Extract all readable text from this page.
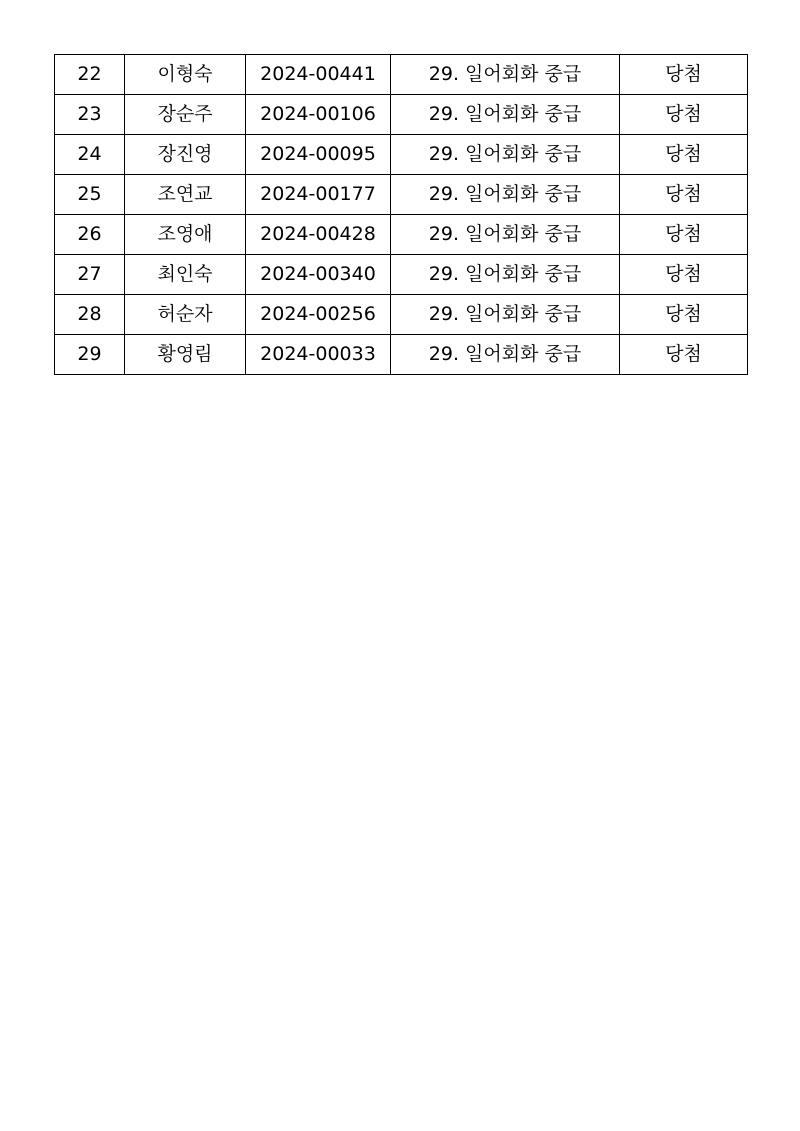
22	이형숙	2024-00441	29. 일어회화 중급	당첨
23	장순주	2024-00106	29. 일어회화 중급	당첨
24	장진영	2024-00095	29. 일어회화 중급	당첨
25	조연교	2024-00177	29. 일어회화 중급	당첨
26	조영애	2024-00428	29. 일어회화 중급	당첨
27	최인숙	2024-00340	29. 일어회화 중급	당첨
28	허순자	2024-00256	29. 일어회화 중급	당첨
29	황영림	2024-00033	29. 일어회화 중급	당첨
